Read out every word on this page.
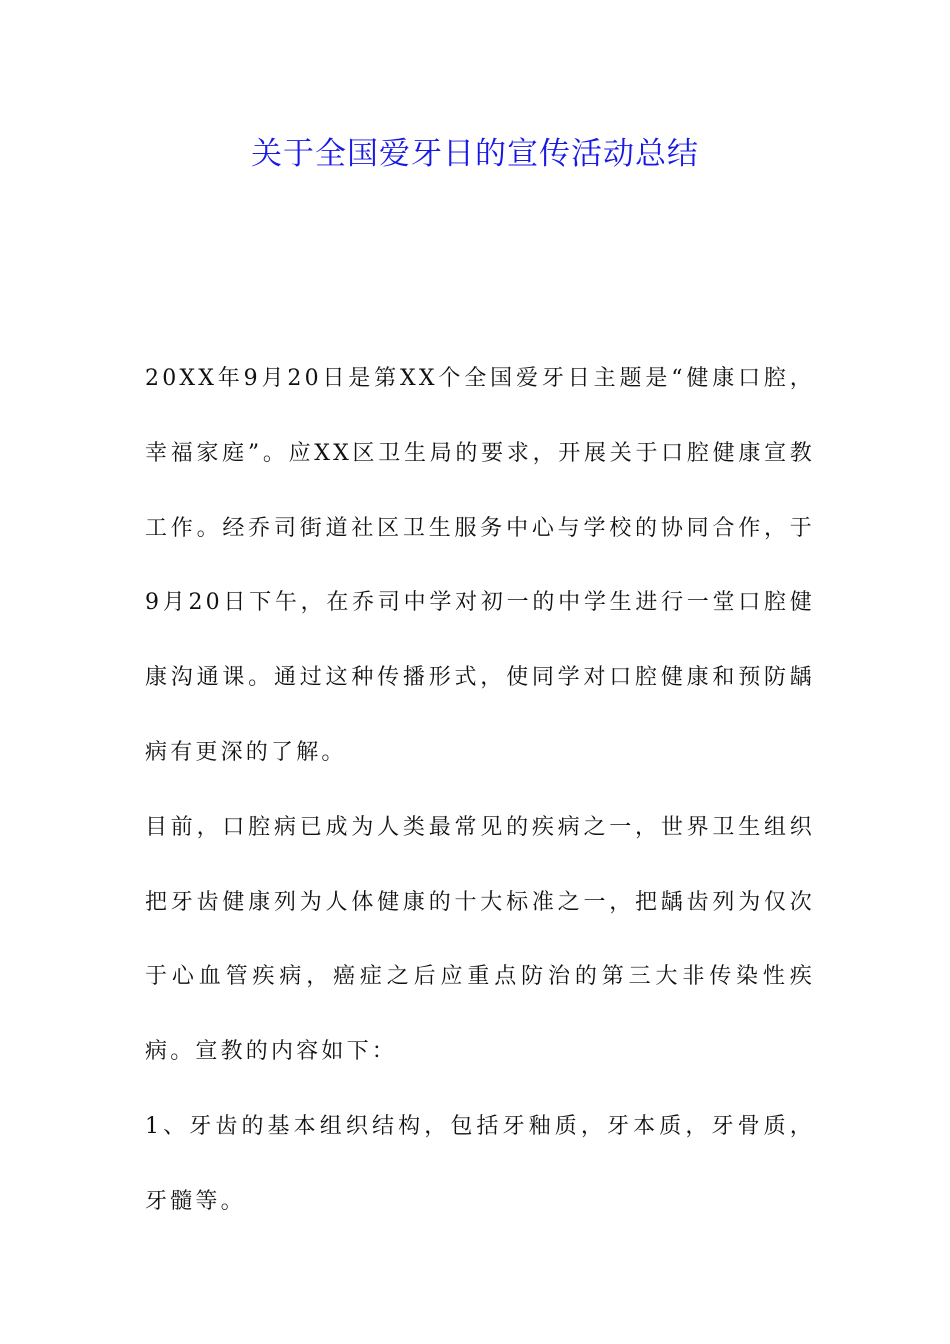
关于全国爱牙日的宣传活动总结

20XX年9月20日是第XX个全国爱牙日主题是“健康口腔，幸福家庭”。应XX区卫生局的要求，开展关于口腔健康宣教工作。经乔司街道社区卫生服务中心与学校的协同合作，于9月20日下午，在乔司中学对初一的中学生进行一堂口腔健康沟通课。通过这种传播形式，使同学对口腔健康和预防龋病有更深的了解。

目前，口腔病已成为人类最常见的疾病之一，世界卫生组织把牙齿健康列为人体健康的十大标准之一，把龋齿列为仅次于心血管疾病，癌症之后应重点防治的第三大非传染性疾病。宣教的内容如下：

1、牙齿的基本组织结构，包括牙釉质，牙本质，牙骨质，牙髓等。
